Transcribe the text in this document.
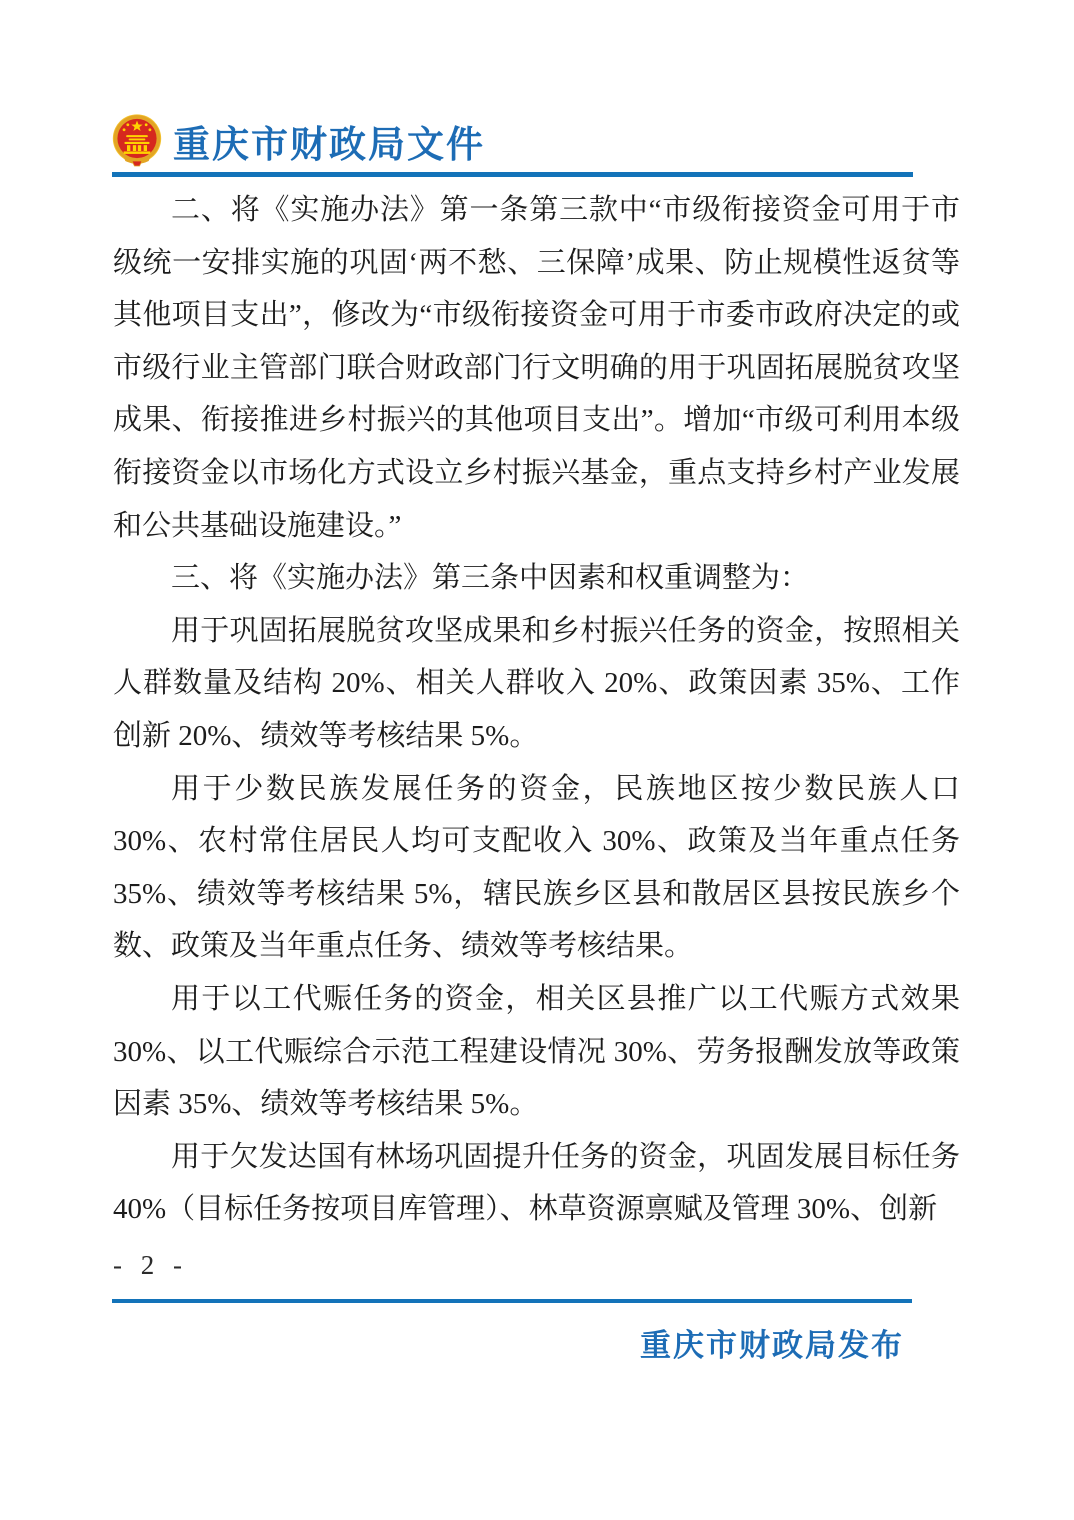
重庆市财政局文件

二、将《实施办法》第一条第三款中“市级衔接资金可用于市级统一安排实施的巩固‘两不愁、三保障’成果、防止规模性返贫等其他项目支出”，修改为“市级衔接资金可用于市委市政府决定的或市级行业主管部门联合财政部门行文明确的用于巩固拓展脱贫攻坚成果、衔接推进乡村振兴的其他项目支出”。增加“市级可利用本级衔接资金以市场化方式设立乡村振兴基金，重点支持乡村产业发展和公共基础设施建设。”

三、将《实施办法》第三条中因素和权重调整为：

用于巩固拓展脱贫攻坚成果和乡村振兴任务的资金，按照相关人群数量及结构 20%、相关人群收入 20%、政策因素 35%、工作创新 20%、绩效等考核结果 5%。

用于少数民族发展任务的资金，民族地区按少数民族人口 30%、农村常住居民人均可支配收入 30%、政策及当年重点任务 35%、绩效等考核结果 5%，辖民族乡区县和散居区县按民族乡个数、政策及当年重点任务、绩效等考核结果。

用于以工代赈任务的资金，相关区县推广以工代赈方式效果 30%、以工代赈综合示范工程建设情况 30%、劳务报酬发放等政策因素 35%、绩效等考核结果 5%。

用于欠发达国有林场巩固提升任务的资金，巩固发展目标任务 40%（目标任务按项目库管理）、林草资源禀赋及管理 30%、创新

- 2 -
重庆市财政局发布
